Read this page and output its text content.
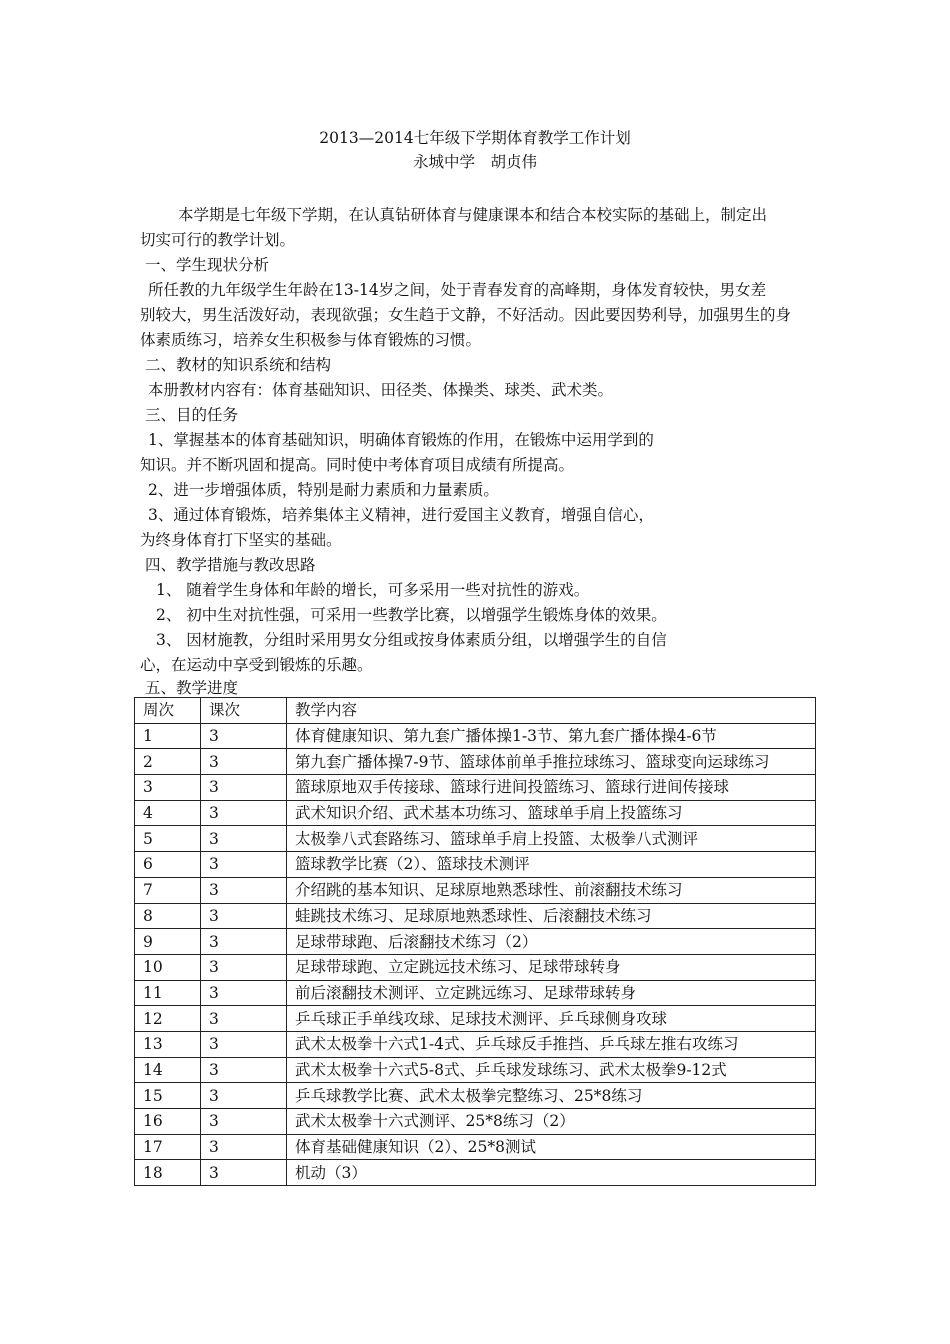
2013—2014七年级下学期体育教学工作计划
永城中学　胡贞伟
本学期是七年级下学期，在认真钻研体育与健康课本和结合本校实际的基础上，制定出
切实可行的教学计划。
一、学生现状分析
所任教的九年级学生年龄在13-14岁之间，处于青春发育的高峰期，身体发育较快，男女差
别较大，男生活泼好动，表现欲强；女生趋于文静，不好活动。因此要因势利导，加强男生的身
体素质练习，培养女生积极参与体育锻炼的习惯。
二、教材的知识系统和结构
本册教材内容有：体育基础知识、田径类、体操类、球类、武术类。
三、目的任务
1、掌握基本的体育基础知识，明确体育锻炼的作用，在锻炼中运用学到的
知识。并不断巩固和提高。同时使中考体育项目成绩有所提高。
2、进一步增强体质，特别是耐力素质和力量素质。
3、通过体育锻炼，培养集体主义精神，进行爱国主义教育，增强自信心，
为终身体育打下坚实的基础。
四、教学措施与教改思路
1、 随着学生身体和年龄的增长，可多采用一些对抗性的游戏。
2、 初中生对抗性强，可采用一些教学比赛，以增强学生锻炼身体的效果。
3、 因材施教，分组时采用男女分组或按身体素质分组，以增强学生的自信
心，在运动中享受到锻炼的乐趣。
五、教学进度
周次	课次	教学内容
1	3	体育健康知识、第九套广播体操1-3节、第九套广播体操4-6节
2	3	第九套广播体操7-9节、篮球体前单手推拉球练习、篮球变向运球练习
3	3	篮球原地双手传接球、篮球行进间投篮练习、篮球行进间传接球
4	3	武术知识介绍、武术基本功练习、篮球单手肩上投篮练习
5	3	太极拳八式套路练习、篮球单手肩上投篮、太极拳八式测评
6	3	篮球教学比赛（2）、篮球技术测评
7	3	介绍跳的基本知识、足球原地熟悉球性、前滚翻技术练习
8	3	蛙跳技术练习、足球原地熟悉球性、后滚翻技术练习
9	3	足球带球跑、后滚翻技术练习（2）
10	3	足球带球跑、立定跳远技术练习、足球带球转身
11	3	前后滚翻技术测评、立定跳远练习、足球带球转身
12	3	乒乓球正手单线攻球、足球技术测评、乒乓球侧身攻球
13	3	武术太极拳十六式1-4式、乒乓球反手推挡、乒乓球左推右攻练习
14	3	武术太极拳十六式5-8式、乒乓球发球练习、武术太极拳9-12式
15	3	乒乓球教学比赛、武术太极拳完整练习、25*8练习
16	3	武术太极拳十六式测评、25*8练习（2）
17	3	体育基础健康知识（2）、25*8测试
18	3	机动（3）
